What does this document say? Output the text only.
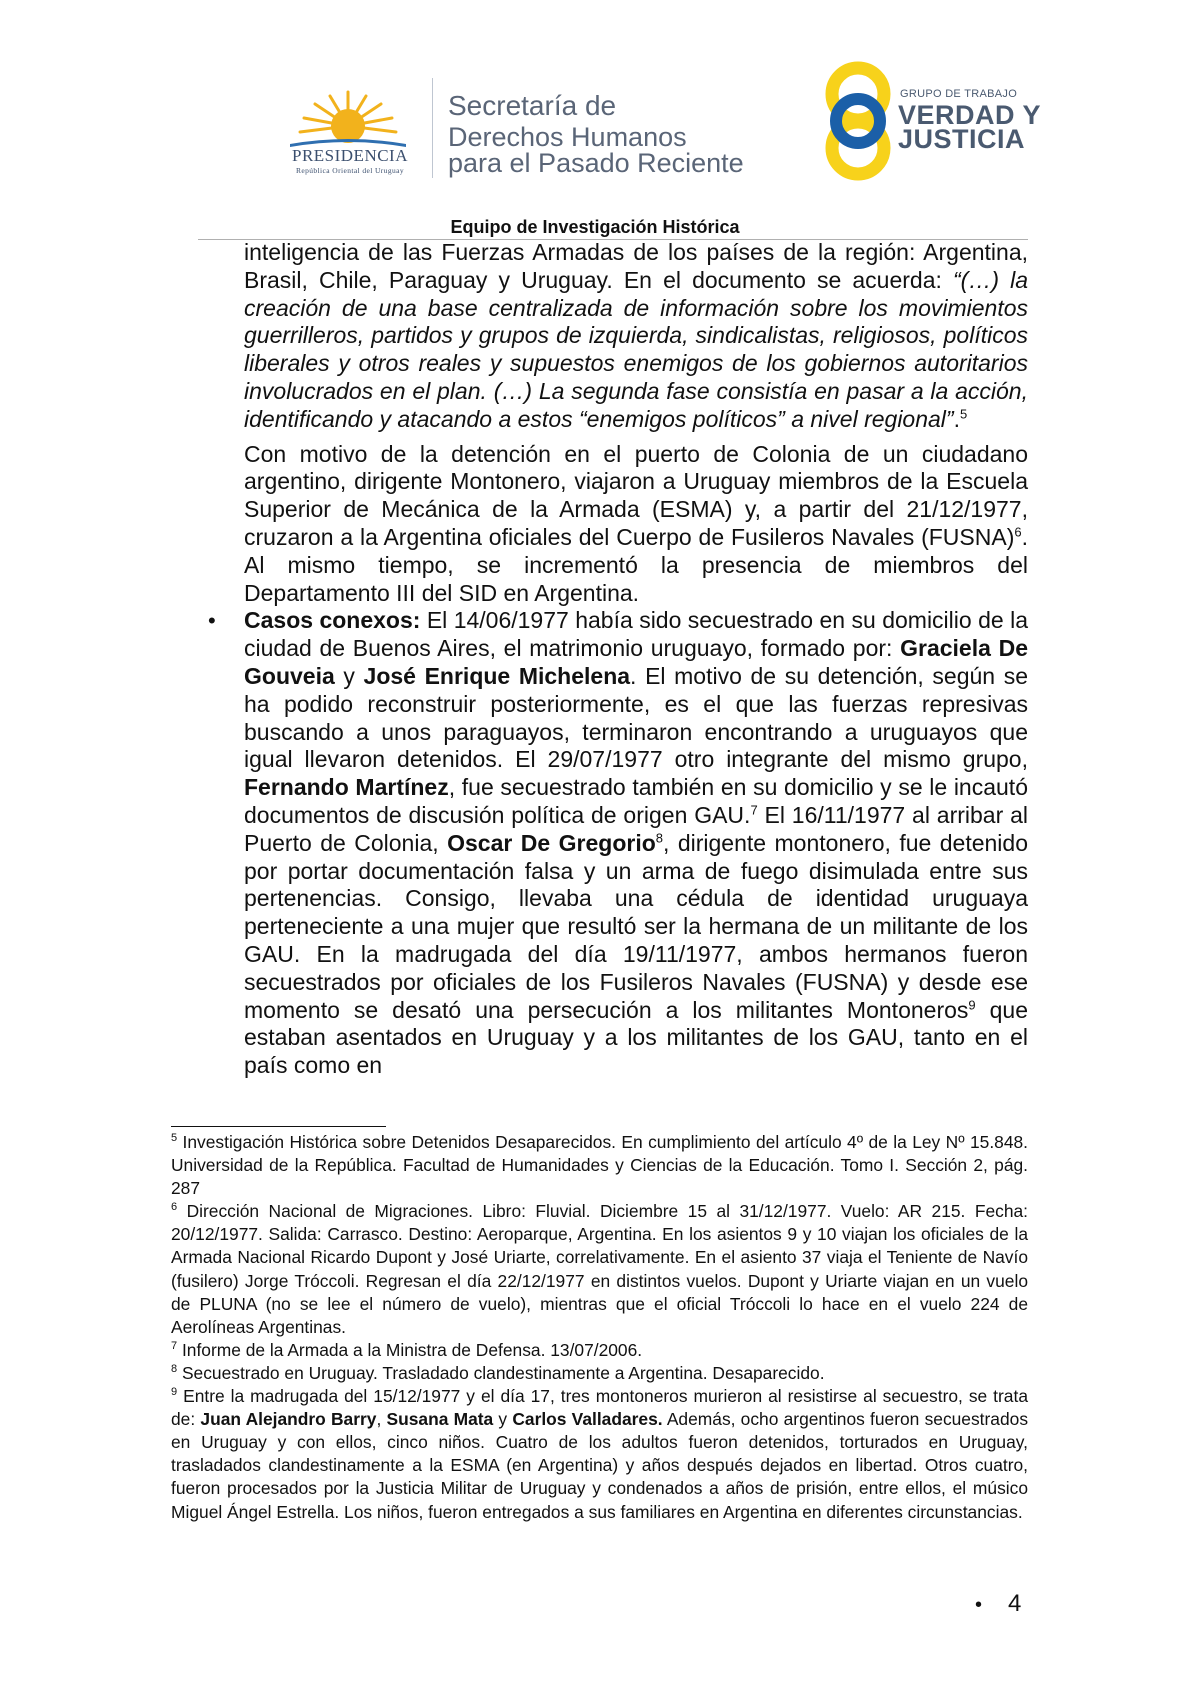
PRESIDENCIA
República Oriental del Uruguay
Secretaría de
Derechos Humanos
para el Pasado Reciente
GRUPO DE TRABAJO
VERDAD Y
JUSTICIA
Equipo de Investigación Histórica

inteligencia de las Fuerzas Armadas de los países de la región: Argentina, Brasil, Chile, Paraguay y Uruguay. En el documento se acuerda: “(…) la creación de una base centralizada de información sobre los movimientos guerrilleros, partidos y grupos de izquierda, sindicalistas, religiosos, políticos liberales y otros reales y supuestos enemigos de los gobiernos autoritarios involucrados en el plan. (…) La segunda fase consistía en pasar a la acción, identificando y atacando a estos “enemigos políticos” a nivel regional”.$^5$

Con motivo de la detención en el puerto de Colonia de un ciudadano argentino, dirigente Montonero, viajaron a Uruguay miembros de la Escuela Superior de Mecánica de la Armada (ESMA) y, a partir del 21/12/1977, cruzaron a la Argentina oficiales del Cuerpo de Fusileros Navales (FUSNA)$^6$. Al mismo tiempo, se incrementó la presencia de miembros del Departamento III del SID en Argentina.

• Casos conexos: El 14/06/1977 había sido secuestrado en su domicilio de la ciudad de Buenos Aires, el matrimonio uruguayo, formado por: Graciela De Gouveia y José Enrique Michelena. El motivo de su detención, según se ha podido reconstruir posteriormente, es el que las fuerzas represivas buscando a unos paraguayos, terminaron encontrando a uruguayos que igual llevaron detenidos. El 29/07/1977 otro integrante del mismo grupo, Fernando Martínez, fue secuestrado también en su domicilio y se le incautó documentos de discusión política de origen GAU.$^7$ El 16/11/1977 al arribar al Puerto de Colonia, Oscar De Gregorio$^8$, dirigente montonero, fue detenido por portar documentación falsa y un arma de fuego disimulada entre sus pertenencias. Consigo, llevaba una cédula de identidad uruguaya perteneciente a una mujer que resultó ser la hermana de un militante de los GAU. En la madrugada del día 19/11/1977, ambos hermanos fueron secuestrados por oficiales de los Fusileros Navales (FUSNA) y desde ese momento se desató una persecución a los militantes Montoneros$^9$ que estaban asentados en Uruguay y a los militantes de los GAU, tanto en el país como en

$^5$ Investigación Histórica sobre Detenidos Desaparecidos. En cumplimiento del artículo 4º de la Ley Nº 15.848. Universidad de la República. Facultad de Humanidades y Ciencias de la Educación. Tomo I. Sección 2, pág. 287

$^6$ Dirección Nacional de Migraciones. Libro: Fluvial. Diciembre 15 al 31/12/1977. Vuelo: AR 215. Fecha: 20/12/1977. Salida: Carrasco. Destino: Aeroparque, Argentina. En los asientos 9 y 10 viajan los oficiales de la Armada Nacional Ricardo Dupont y José Uriarte, correlativamente. En el asiento 37 viaja el Teniente de Navío (fusilero) Jorge Tróccoli. Regresan el día 22/12/1977 en distintos vuelos. Dupont y Uriarte viajan en un vuelo de PLUNA (no se lee el número de vuelo), mientras que el oficial Tróccoli lo hace en el vuelo 224 de Aerolíneas Argentinas.

$^7$ Informe de la Armada a la Ministra de Defensa. 13/07/2006.

$^8$ Secuestrado en Uruguay. Trasladado clandestinamente a Argentina. Desaparecido.

$^9$ Entre la madrugada del 15/12/1977 y el día 17, tres montoneros murieron al resistirse al secuestro, se trata de: Juan Alejandro Barry, Susana Mata y Carlos Valladares. Además, ocho argentinos fueron secuestrados en Uruguay y con ellos, cinco niños. Cuatro de los adultos fueron detenidos, torturados en Uruguay, trasladados clandestinamente a la ESMA (en Argentina) y años después dejados en libertad. Otros cuatro, fueron procesados por la Justicia Militar de Uruguay y condenados a años de prisión, entre ellos, el músico Miguel Ángel Estrella. Los niños, fueron entregados a sus familiares en Argentina en diferentes circunstancias.

• 4
